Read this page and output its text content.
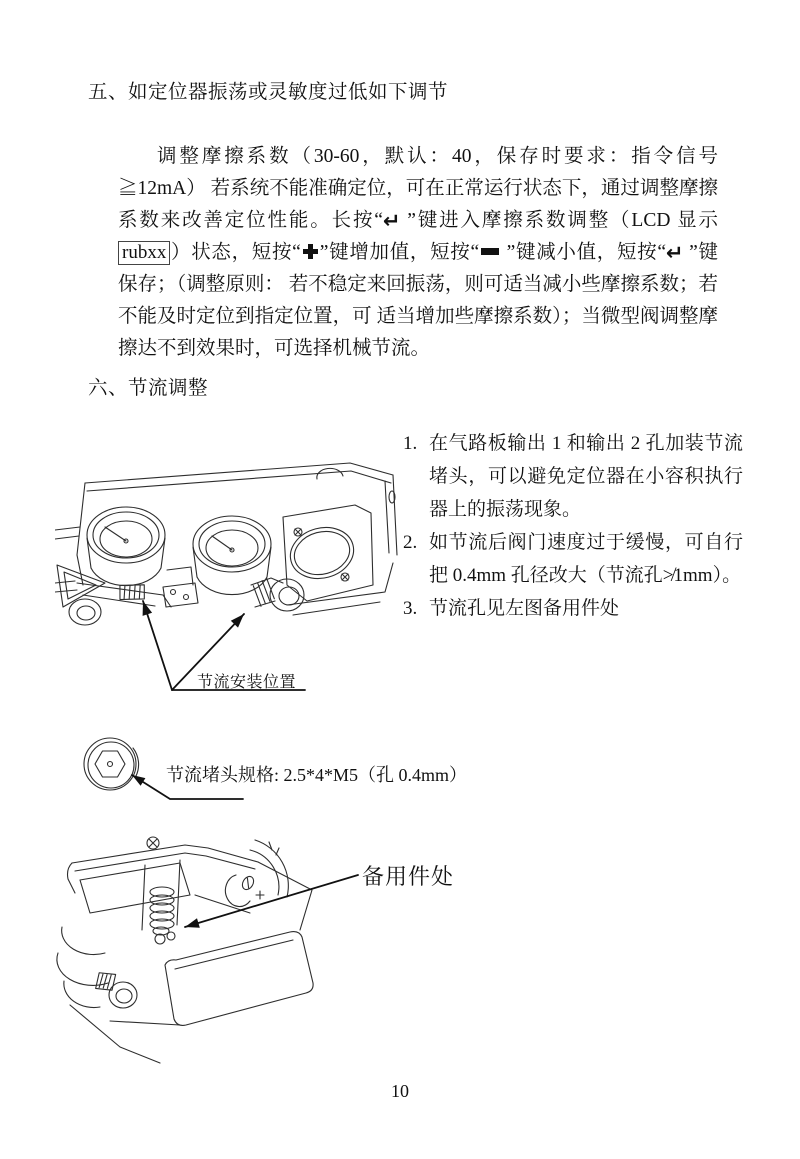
五、如定位器振荡或灵敏度过低如下调节
调整摩擦系数（30-60，默认：40，保存时要求：指令信号≧12mA） 若系统不能准确定位，可在正常运行状态下，通过调整摩擦系数来改善定位性能。长按“↵ ”键进入摩擦系数调整（LCD 显示rubxx ）状态，短按“ ”键增加值，短按“ ”键减小值，短按“↵ ”键保存；（调整原则： 若不稳定来回振荡，则可适当减小些摩擦系数；若不能及时定位到指定位置，可 适当增加些摩擦系数）；当微型阀调整摩擦达不到效果时，可选择机械节流。
六、节流调整
1. 在气路板输出 1 和输出 2 孔加装节流堵头，可以避免定位器在小容积执行器上的振荡现象。
2. 如节流后阀门速度过于缓慢，可自行把 0.4mm 孔径改大（节流孔≯1mm）。
3. 节流孔见左图备用件处
节流安装位置
节流堵头规格: 2.5*4*M5（孔 0.4mm）
备用件处
10
